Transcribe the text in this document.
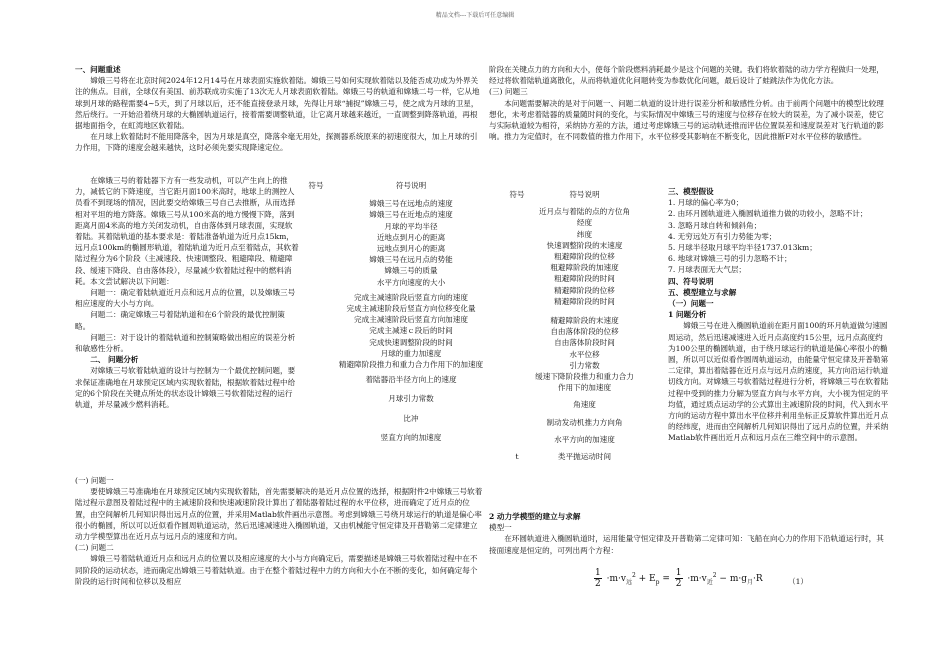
精品文档---下载后可任意编辑

一、问题重述

嫦娥三号将在北京时间2024年12月14号在月球表面实施软着陆。嫦娥三号如何实现软着陆以及能否成功成为外界关注的焦点。目前，全球仅有美国、前苏联成功实施了13次无人月球表面软着陆。嫦娥三号的轨道和嫦娥二号一样，它从地球到月球的路程需要4~5天，到了月球以后，还不能直接登录月球，先得让月球“捕捉”嫦娥三号，使之成为月球的卫星，然后绕行。一开始沿着绕月球的大椭圆轨道运行，接着需要调整轨道，让它离月球越来越近，一直调整到降落轨道，再根据地面指令，在虹湾地区软着陆。

在月球上软着陆时不能用降落伞，因为月球是真空，降落伞毫无用处，探测器系统原来的初速度很大，加上月球的引力作用，下降的速度会越来越快，这时必须先要实现降速定位。

在嫦娥三号的着陆器下方有一些发动机，可以产生向上的推力，减低它的下降速度，当它距月面100米高时，地球上的测控人员看不到现场的情况，因此要交给嫦娥三号自己去推断，从而选择相对平坦的地方降落。嫦娥三号从100米高的地方慢慢下降，落到距离月面4米高的地方关闭发动机，自由落体到月球表面，实现软着陆。其着陆轨道的基本要求是：着陆准备轨道为近月点15km，远月点100km的椭圆形轨道，着陆轨道为近月点至着陆点，其软着陆过程分为6个阶段（主减速段、快速调整段、粗避障段、精避障段、缓速下降段、自由落体段），尽量减少软着陆过程中的燃料消耗。本文尝试解决以下问题：

问题一：确定着陆轨道近月点和远月点的位置，以及嫦娥三号相应速度的大小与方向。

问题二：确定嫦娥三号着陆轨道和在6个阶段的最优控制策略。

问题三：对于设计的着陆轨道和控制策略做出相应的误差分析和敏感性分析。

二、 问题分析

对嫦娥三号软着陆轨道的设计与控制为一个最优控制问题，要求保证准确地在月球预定区域内实现软着陆，根据软着陆过程中给定的6个阶段在关键点所处的状态设计嫦娥三号软着陆过程的运行轨道，并尽量减少燃料消耗。

符号	符号说明
嫦娥三号在远地点的速度
嫦娥三号在近地点的速度
月球的平均半径
近地点到月心的距离
远地点到月心的距离
嫦娥三号在远月点的势能
嫦娥三号的质量
水平方向速度的大小
完成主减速阶段后竖直方向的速度
完成主减速阶段后竖直方向位移变化量
完成主减速阶段后竖直方向加速度
完成主减速ｃ段后的时间
完成快速调整阶段的时间
月球的重力加速度
精避障阶段推力和重力合力作用下的加速度
着陆器沿半径方向上的速度
月球引力常数
比冲
竖直方向的加速度
符号	符号说明
近月点与着陆的点的方位角
经度
纬度
快速调整阶段的末速度
粗避障阶段的位移
粗避障阶段的加速度
粗避障阶段的时间
精避障阶段的位移
精避障阶段的时间
精避障阶段的末速度
自由落体阶段的位移
自由落体阶段时间
水平位移
引力常数
缓速下降阶段推力和重力合力作用下的加速度
角速度
制动发动机推力方向角
水平方向的加速度
t	类平抛运动时间

(一) 问题一

要使嫦娥三号准确地在月球预定区域内实现软着陆，首先需要解决的是近月点位置的选择，根据附件2中嫦娥三号软着陆过程示意图及着陆过程中的主减速阶段和快速减速阶段计算出了着陆器着陆过程的水平位移，进而确定了近月点的位置，由空间解析几何知识得出远月点的位置，并采用Matlab软件画出示意图。考虑到嫦娥三号绕月球运行的轨道是偏心率很小的椭圆，所以可以近似看作圆周轨道运动，然后迅速减速进入椭圆轨道，又由机械能守恒定律及开普勒第二定律建立动力学模型算出在近月点与远月点的速度和方向。

(二) 问题二

嫦娥三号着陆轨道近月点和远月点的位置以及相应速度的大小与方向确定后，需要描述是嫦娥三号软着陆过程中在不同阶段的运动状态，进而确定出嫦娥三号着陆轨道。由于在整个着陆过程中力的方向和大小在不断的变化，如何确定每个阶段的运行时间和位移以及相应

阶段在关键点力的方向和大小，使每个阶段燃料消耗最少是这个问题的关键。我们将软着陆的动力学方程做归一处理，经过将软着陆轨道离散化，从而将轨道优化问题转变为参数优化问题，最后设计了蛙跳法作为优化方法。

(三) 问题三

本问题需要解决的是对于问题一、问题二轨道的设计进行误差分析和敏感性分析。由于前两个问题中的模型比较理想化，未考虑着陆器的质量随时间的变化，与实际情况中嫦娥三号的速度与位移存在较大的误差，为了减小误差，使它与实际轨道较为相符，采纳协方差的方法，通过考虑嫦娥三号的运动轨迹推而评估位置误差和速度误差对飞行轨道的影响。推力为定值时，在不同数值的推力作用下，水平位移受其影响在不断变化，因此推断F对水平位移的敏感性。

三、模型假设

1. 月球的偏心率为0；

2. 由环月圆轨道进入椭圆轨道推力做的功较小，忽略不计；

3. 忽略月球自转和倾斜角；

4. 无穷远处万有引力势能为零；

5. 月球半径取月球平均半径1737.013km；

6. 地球对嫦娥三号的引力忽略不计；

7. 月球表面无大气层；

四、符号说明

五、模型建立与求解

（一）问题一

1 问题分析

嫦娥三号在进入椭圆轨道前在距月面100的环月轨道做匀速圆周运动，然后迅速减速进入近月点高度约15公里，远月点高度约为100公里的椭圆轨道，由于绕月球运行的轨道是偏心率很小的椭圆，所以可以近似看作圆周轨道运动，由能量守恒定律及开普勒第二定律，算出着陆器在近月点与远月点的速度，其方向沿运行轨道切线方向。对嫦娥三号软着陆过程进行分析，将嫦娥三号在软着陆过程中受到的推力分解为竖直方向与水平方向，大小视为恒定的平均值，通过质点运动学的公式算出主减速阶段的时间，代入到水平方向的运动方程中算出水平位移并利用坐标正反算软件算出近月点的经纬度，进而由空间解析几何知识得出了远月点的位置，并采纳Matlab软件画出近月点和远月点在三维空间中的示意图。

2 动力学模型的建立与求解

模型一

在环圆轨道进入椭圆轨道时，运用能量守恒定律及开普勒第二定律可知：飞船在向心力的作用下沿轨道运行时，其接面速度是恒定的，可列出两个方程：

$\frac{1}{2} \cdot m\cdot v_远^2 + E_p = \frac{1}{2} \cdot m\cdot v_近^2 - m\cdot g_月\cdot R$	（1）
